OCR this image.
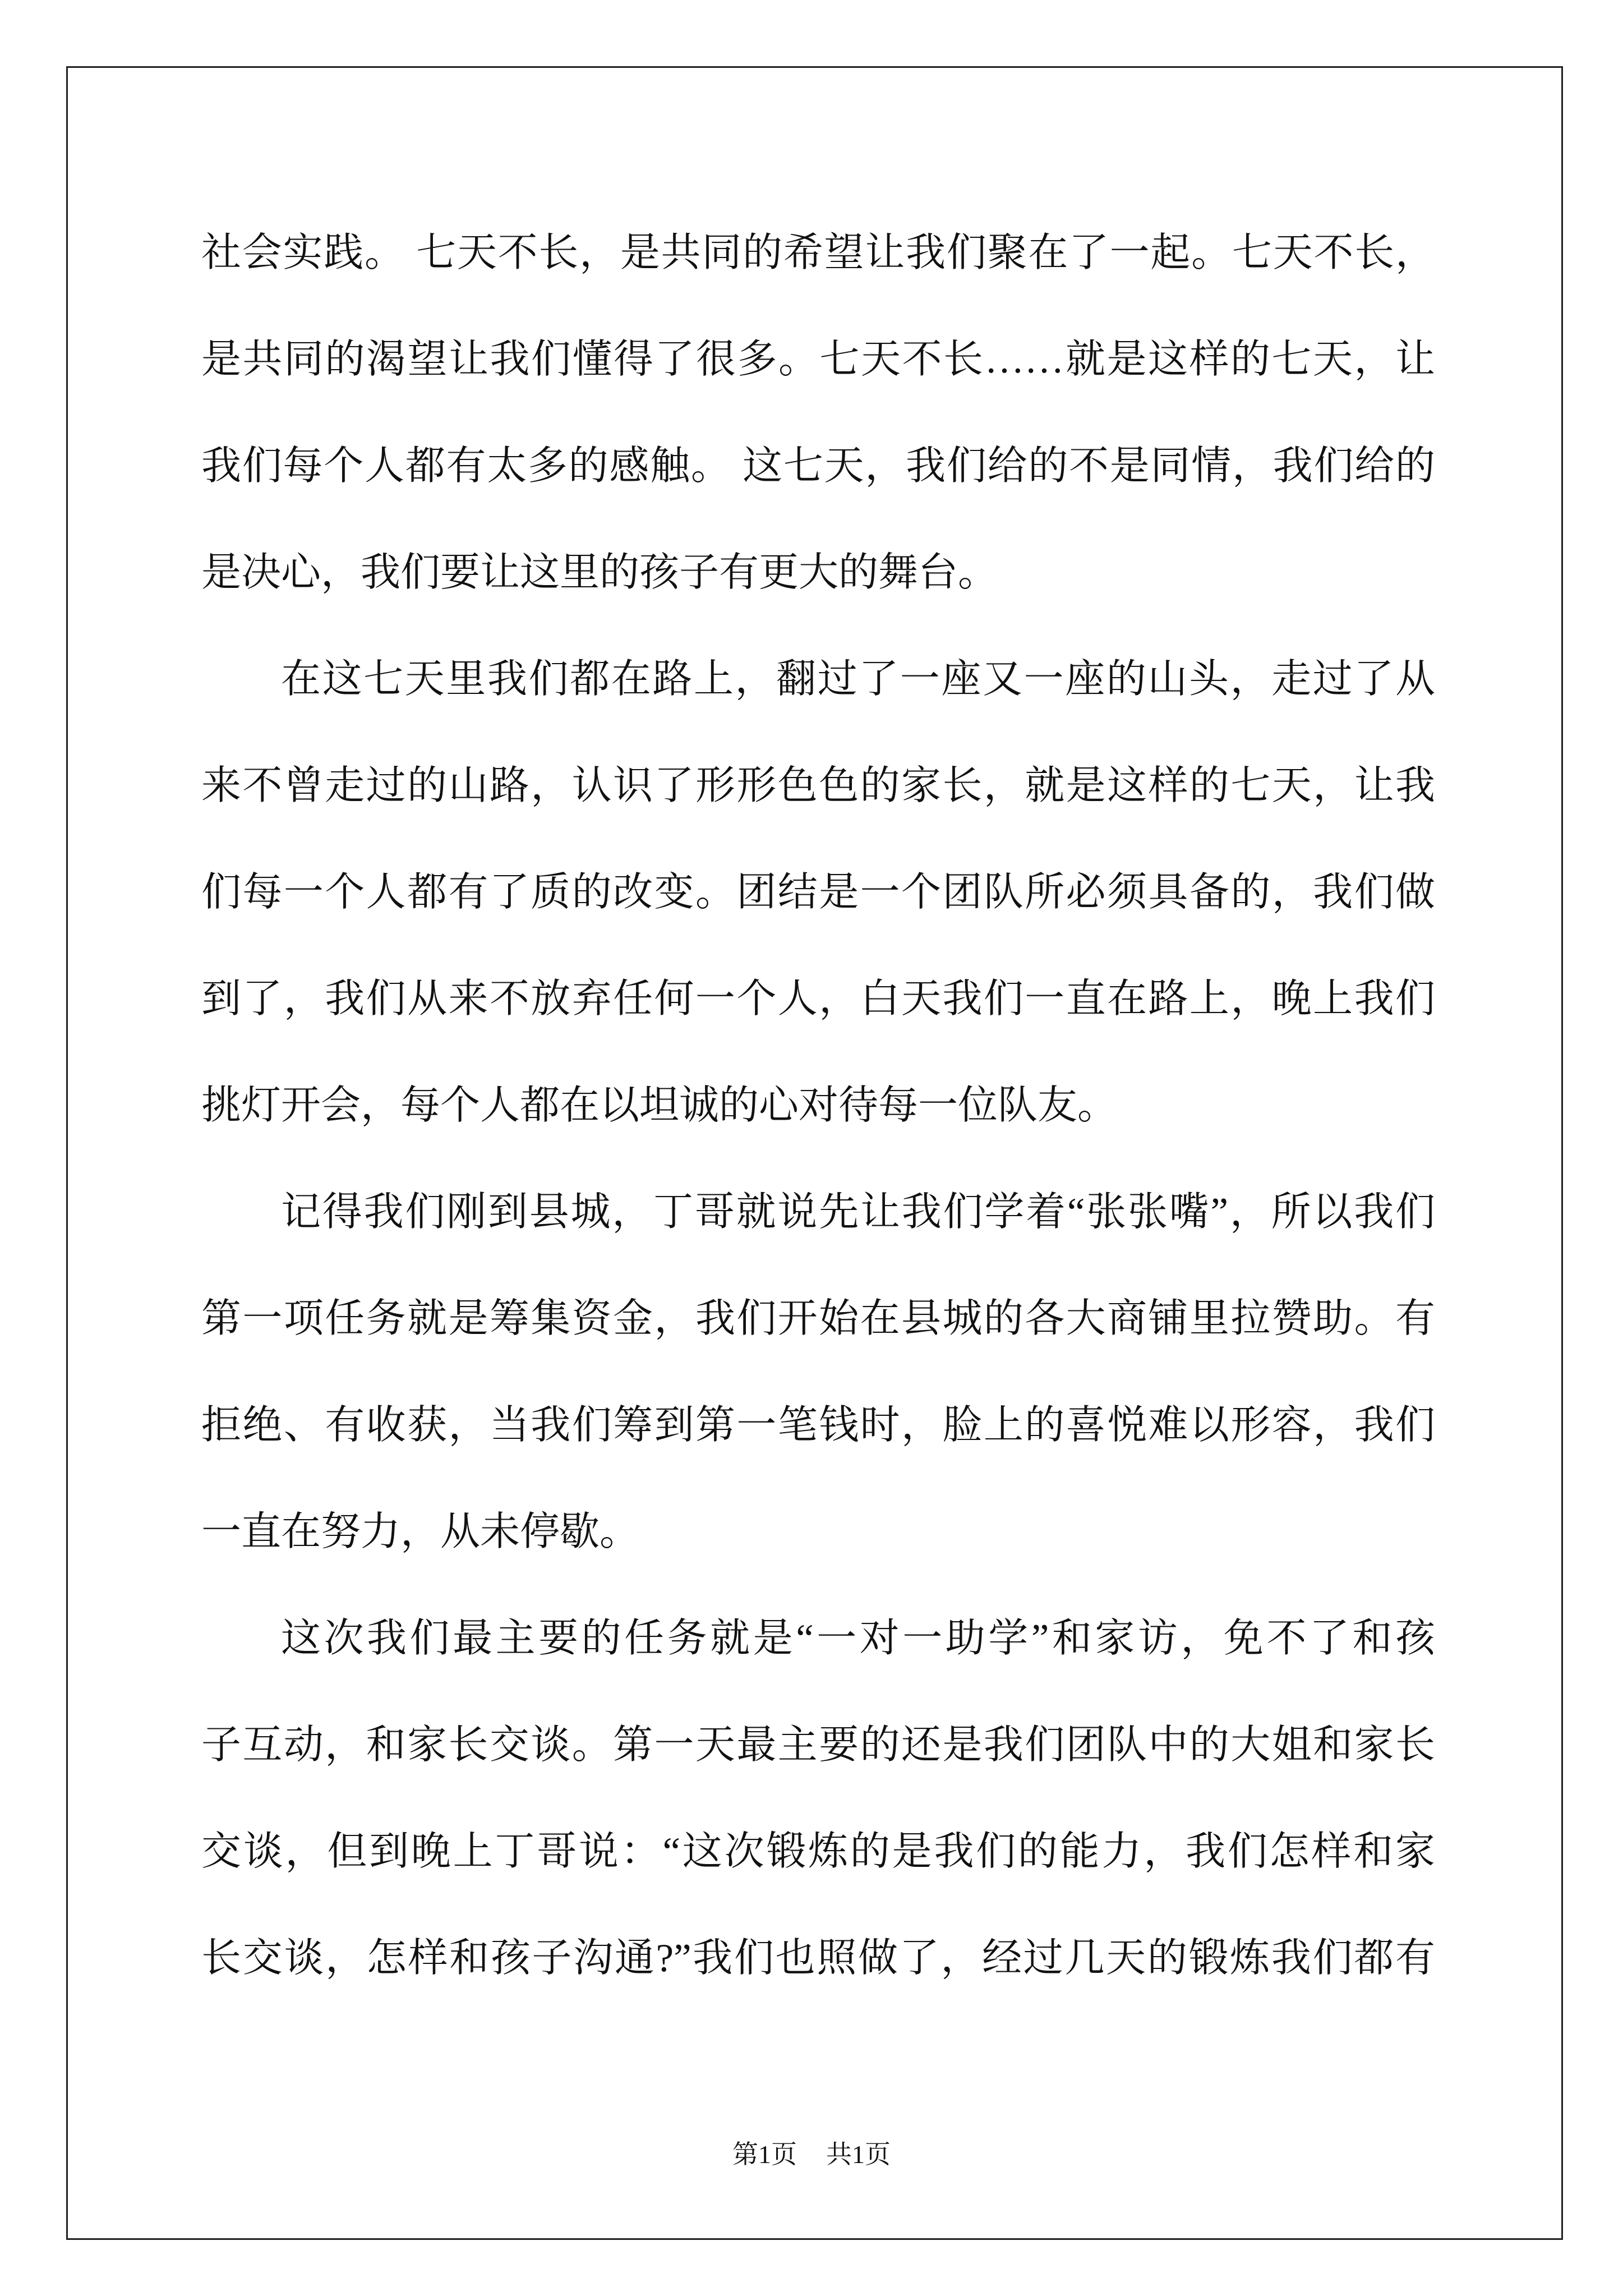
社会实践。 七天不长，是共同的希望让我们聚在了一起。七天不长，
是共同的渴望让我们懂得了很多。七天不长……就是这样的七天，让
我们每个人都有太多的感触。 这七天，我们给的不是同情，我们给的
是决心，我们要让这里的孩子有更大的舞台。
在这七天里我们都在路上，翻过了一座又一座的山头，走过了从
来不曾走过的山路，认识了形形色色的家长，就是这样的七天，让我
们每一个人都有了质的改变。团结是一个团队所必须具备的，我们做
到了，我们从来不放弃任何一个人，白天我们一直在路上，晚上我们
挑灯开会，每个人都在以坦诚的心对待每一位队友。
记得我们刚到县城，丁哥就说先让我们学着“张张嘴”，所以我们
第一项任务就是筹集资金，我们开始在县城的各大商铺里拉赞助。有
拒绝、有收获，当我们筹到第一笔钱时，脸上的喜悦难以形容，我们
一直在努力，从未停歇。
这次我们最主要的任务就是“一对一助学”和家访，免不了和孩
子互动，和家长交谈。第一天最主要的还是我们团队中的大姐和家长
交谈，但到晚上丁哥说：“这次锻炼的是我们的能力，我们怎样和家
长交谈，怎样和孩子沟通?”我们也照做了，经过几天的锻炼我们都有
第1页 共1页
